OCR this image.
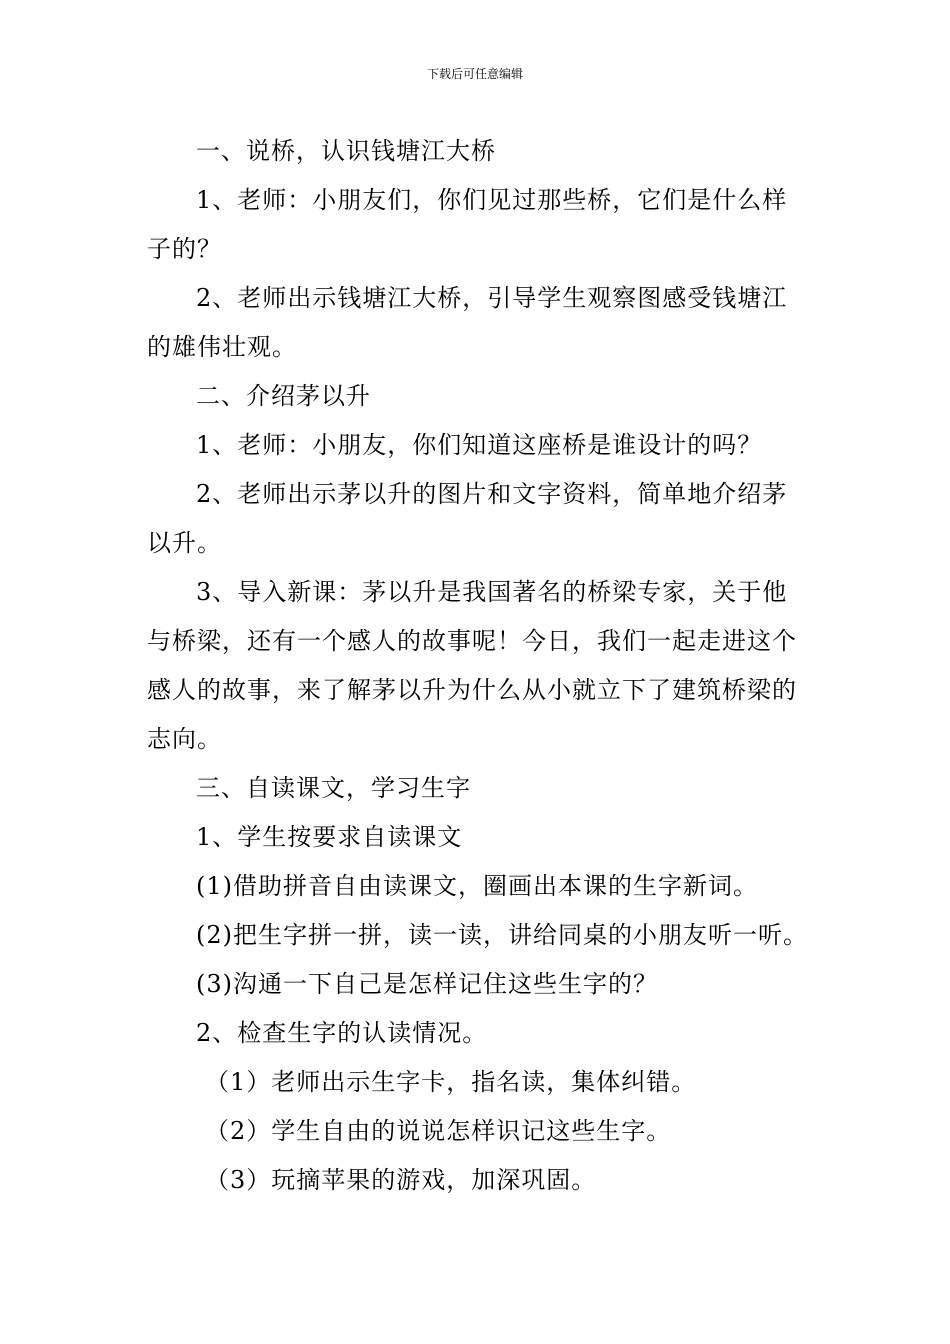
下载后可任意编辑

一、说桥，认识钱塘江大桥

1、老师：小朋友们，你们见过那些桥，它们是什么样子的？

2、老师出示钱塘江大桥，引导学生观察图感受钱塘江的雄伟壮观。

二、介绍茅以升

1、老师：小朋友，你们知道这座桥是谁设计的吗？

2、老师出示茅以升的图片和文字资料，简单地介绍茅以升。

3、导入新课：茅以升是我国著名的桥梁专家，关于他与桥梁，还有一个感人的故事呢！今日，我们一起走进这个感人的故事，来了解茅以升为什么从小就立下了建筑桥梁的志向。

三、自读课文，学习生字

1、学生按要求自读课文

(1)借助拼音自由读课文，圈画出本课的生字新词。

(2)把生字拼一拼，读一读，讲给同桌的小朋友听一听。

(3)沟通一下自己是怎样记住这些生字的？

2、检查生字的认读情况。

（1）老师出示生字卡，指名读，集体纠错。

（2）学生自由的说说怎样识记这些生字。

（3）玩摘苹果的游戏，加深巩固。
